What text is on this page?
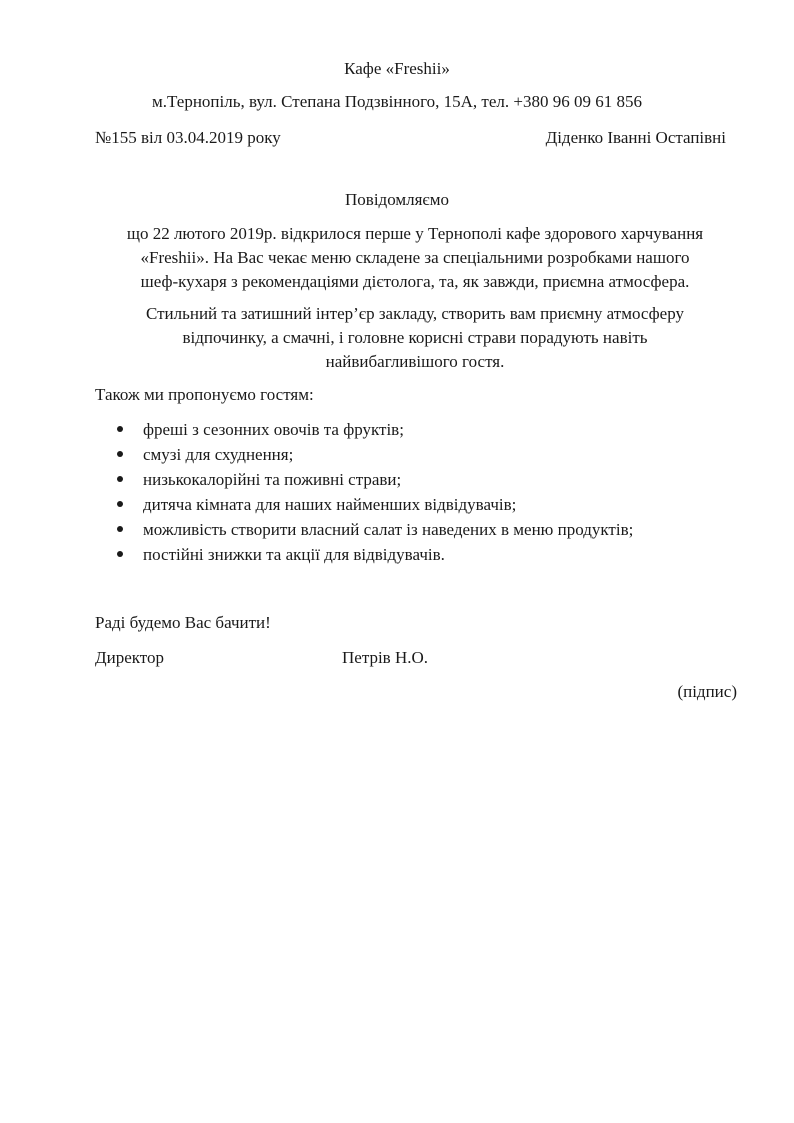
Кафе «Freshii»
м.Тернопіль, вул. Степана Подзвінного, 15А, тел. +380 96 09 61 856
№155 віл 03.04.2019 року	Діденко Іванні Остапівні
Повідомляємо
що 22 лютого 2019р. відкрилося перше у Тернополі кафе здорового харчування
«Freshii». На Вас чекає меню складене за спеціальними розробками нашого
шеф-кухаря з рекомендаціями дієтолога, та, як завжди, приємна атмосфера.
Стильний та затишний інтер’єр закладу, створить вам приємну атмосферу
відпочинку, а смачні, і головне корисні страви порадують навіть
найвибагливішого гостя.
Також ми пропонуємо гостям:
фреші з сезонних овочів та фруктів;
смузі для схуднення;
низькокалорійні та поживні страви;
дитяча кімната для наших найменших відвідувачів;
можливість створити власний салат із наведених в меню продуктів;
постійні знижки та акції для відвідувачів.
Раді будемо Вас бачити!
Директор	Петрів Н.О.
(підпис)
